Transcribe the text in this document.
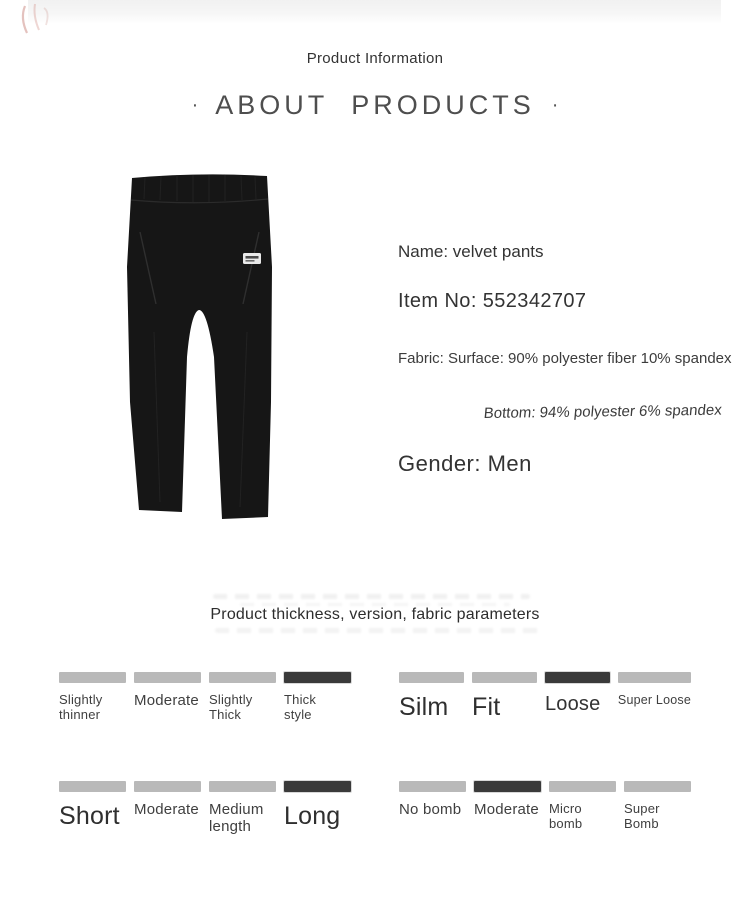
Product Information
· ABOUT PRODUCTS ·
Name: velvet pants
Item No: 552342707
Fabric: Surface: 90% polyester fiber 10% spandex
Bottom: 94% polyester 6% spandex
Gender: Men
Product thickness, version, fabric parameters
Slightly thinner
Moderate Slightly Thick
Thick style	Silm Fit	Loose	Super Loose
Short Moderate Medium length	Long	No bomb Moderate Micro bomb
Super Bomb
